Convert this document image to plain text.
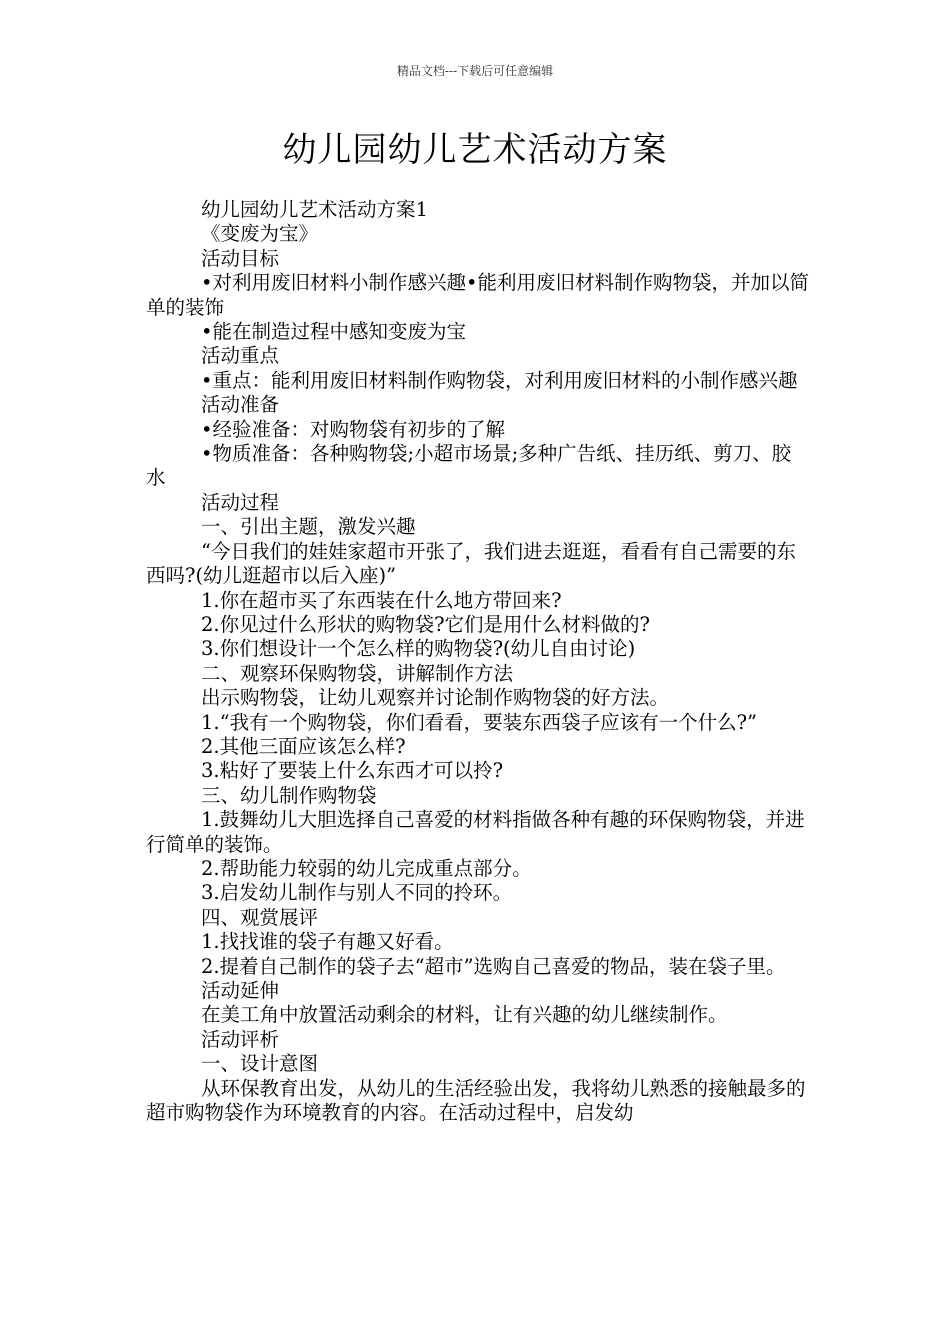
精品文档---下载后可任意编辑
幼儿园幼儿艺术活动方案

幼儿园幼儿艺术活动方案1

《变废为宝》

活动目标

•对利用废旧材料小制作感兴趣•能利用废旧材料制作购物袋，并加以简单的装饰

•能在制造过程中感知变废为宝

活动重点

•重点：能利用废旧材料制作购物袋，对利用废旧材料的小制作感兴趣

活动准备

•经验准备：对购物袋有初步的了解

•物质准备：各种购物袋;小超市场景;多种广告纸、挂历纸、剪刀、胶水

活动过程

一、引出主题，激发兴趣

“今日我们的娃娃家超市开张了，我们进去逛逛，看看有自己需要的东西吗?(幼儿逛超市以后入座)”

1.你在超市买了东西装在什么地方带回来?

2.你见过什么形状的购物袋?它们是用什么材料做的?

3.你们想设计一个怎么样的购物袋?(幼儿自由讨论)

二、观察环保购物袋，讲解制作方法

出示购物袋，让幼儿观察并讨论制作购物袋的好方法。

1.“我有一个购物袋，你们看看，要装东西袋子应该有一个什么?”

2.其他三面应该怎么样?

3.粘好了要装上什么东西才可以拎?

三、幼儿制作购物袋

1.鼓舞幼儿大胆选择自己喜爱的材料指做各种有趣的环保购物袋，并进行简单的装饰。

2.帮助能力较弱的幼儿完成重点部分。

3.启发幼儿制作与别人不同的拎环。

四、观赏展评

1.找找谁的袋子有趣又好看。

2.提着自己制作的袋子去“超市”选购自己喜爱的物品，装在袋子里。

活动延伸

在美工角中放置活动剩余的材料，让有兴趣的幼儿继续制作。

活动评析

一、设计意图

从环保教育出发，从幼儿的生活经验出发，我将幼儿熟悉的接触最多的超市购物袋作为环境教育的内容。在活动过程中，启发幼
